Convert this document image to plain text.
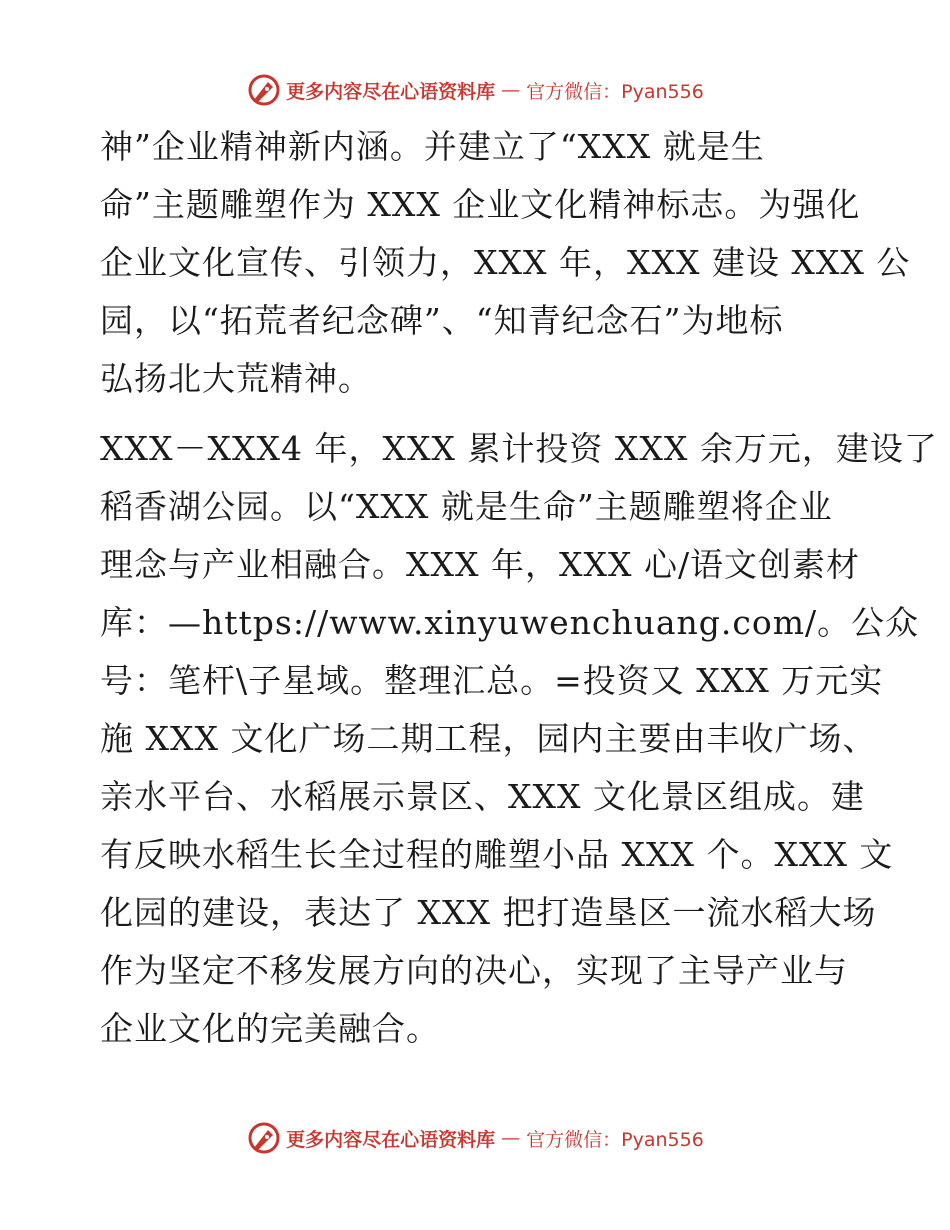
更多内容尽在心语资料库 — 官方微信：Pyan556
神”企业精神新内涵。并建立了“XXX 就是生
命”主题雕塑作为 XXX 企业文化精神标志。为强化
企业文化宣传、引领力，XXX 年，XXX 建设 XXX 公
园，以“拓荒者纪念碑”、“知青纪念石”为地标
弘扬北大荒精神。
XXX－XXX4 年，XXX 累计投资 XXX 余万元，建设了
稻香湖公园。以“XXX 就是生命”主题雕塑将企业
理念与产业相融合。XXX 年，XXX 心/语文创素材
库：—https://www.xinyuwenchuang.com/。公众
号：笔杆\子星域。整理汇总。=投资又 XXX 万元实
施 XXX 文化广场二期工程，园内主要由丰收广场、
亲水平台、水稻展示景区、XXX 文化景区组成。建
有反映水稻生长全过程的雕塑小品 XXX 个。XXX 文
化园的建设，表达了 XXX 把打造垦区一流水稻大场
作为坚定不移发展方向的决心，实现了主导产业与
企业文化的完美融合。
更多内容尽在心语资料库 — 官方微信：Pyan556
